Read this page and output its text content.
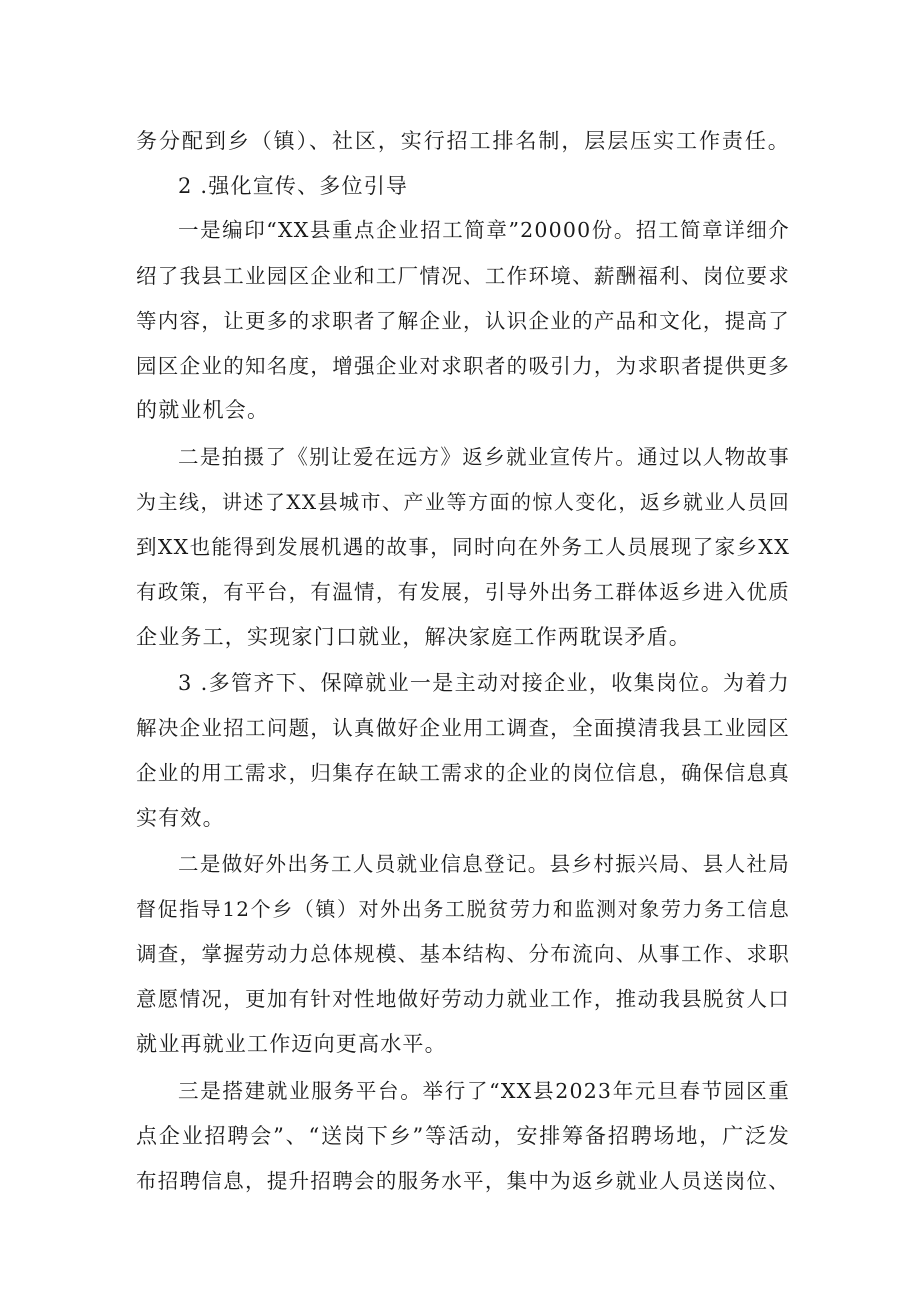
务分配到乡（镇）、社区，实行招工排名制，层层压实工作责任。

2 .强化宣传、多位引导

一是编印“XX县重点企业招工简章”20000份。招工简章详细介

绍了我县工业园区企业和工厂情况、工作环境、薪酬福利、岗位要求

等内容，让更多的求职者了解企业，认识企业的产品和文化，提高了

园区企业的知名度，增强企业对求职者的吸引力，为求职者提供更多

的就业机会。

二是拍摄了《别让爱在远方》返乡就业宣传片。通过以人物故事

为主线，讲述了XX县城市、产业等方面的惊人变化，返乡就业人员回

到XX也能得到发展机遇的故事，同时向在外务工人员展现了家乡XX

有政策，有平台，有温情，有发展，引导外出务工群体返乡进入优质

企业务工，实现家门口就业，解决家庭工作两耽误矛盾。

3 .多管齐下、保障就业一是主动对接企业，收集岗位。为着力

解决企业招工问题，认真做好企业用工调查，全面摸清我县工业园区

企业的用工需求，归集存在缺工需求的企业的岗位信息，确保信息真

实有效。

二是做好外出务工人员就业信息登记。县乡村振兴局、县人社局

督促指导12个乡（镇）对外出务工脱贫劳力和监测对象劳力务工信息

调查，掌握劳动力总体规模、基本结构、分布流向、从事工作、求职

意愿情况，更加有针对性地做好劳动力就业工作，推动我县脱贫人口

就业再就业工作迈向更高水平。

三是搭建就业服务平台。举行了“XX县2023年元旦春节园区重

点企业招聘会”、“送岗下乡”等活动，安排筹备招聘场地，广泛发

布招聘信息，提升招聘会的服务水平，集中为返乡就业人员送岗位、
